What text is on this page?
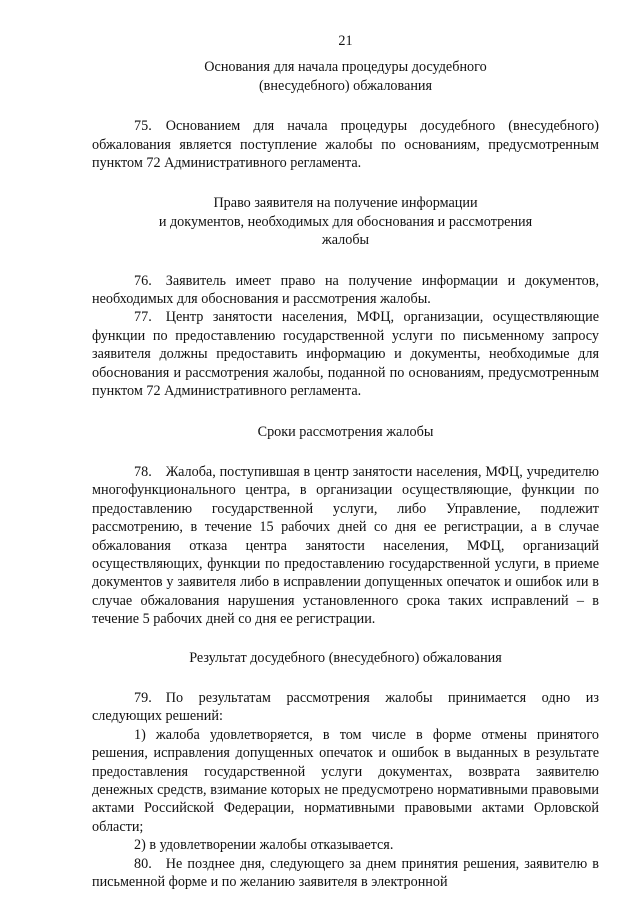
21
Основания для начала процедуры досудебного
(внесудебного) обжалования

75. Основанием для начала процедуры досудебного (внесудебного) обжалования является поступление жалобы по основаниям, предусмотренным пунктом 72 Административного регламента.

Право заявителя на получение информации
и документов, необходимых для обоснования и рассмотрения
жалобы

76. Заявитель имеет право на получение информации и документов, необходимых для обоснования и рассмотрения жалобы.

77. Центр занятости населения, МФЦ, организации, осуществляющие функции по предоставлению государственной услуги по письменному запросу заявителя должны предоставить информацию и документы, необходимые для обоснования и рассмотрения жалобы, поданной по основаниям, предусмотренным пунктом 72 Административного регламента.

Сроки рассмотрения жалобы

78. Жалоба, поступившая в центр занятости населения, МФЦ, учредителю многофункционального центра, в организации осуществляющие, функции по предоставлению государственной услуги, либо Управление, подлежит рассмотрению, в течение 15 рабочих дней со дня ее регистрации, а в случае обжалования отказа центра занятости населения, МФЦ, организаций осуществляющих, функции по предоставлению государственной услуги, в приеме документов у заявителя либо в исправлении допущенных опечаток и ошибок или в случае обжалования нарушения установленного срока таких исправлений – в течение 5 рабочих дней со дня ее регистрации.

Результат досудебного (внесудебного) обжалования

79. По результатам рассмотрения жалобы принимается одно из следующих решений:

1) жалоба удовлетворяется, в том числе в форме отмены принятого решения, исправления допущенных опечаток и ошибок в выданных в результате предоставления государственной услуги документах, возврата заявителю денежных средств, взимание которых не предусмотрено нормативными правовыми актами Российской Федерации, нормативными правовыми актами Орловской области;

2) в удовлетворении жалобы отказывается.

80. Не позднее дня, следующего за днем принятия решения, заявителю в письменной форме и по желанию заявителя в электронной
